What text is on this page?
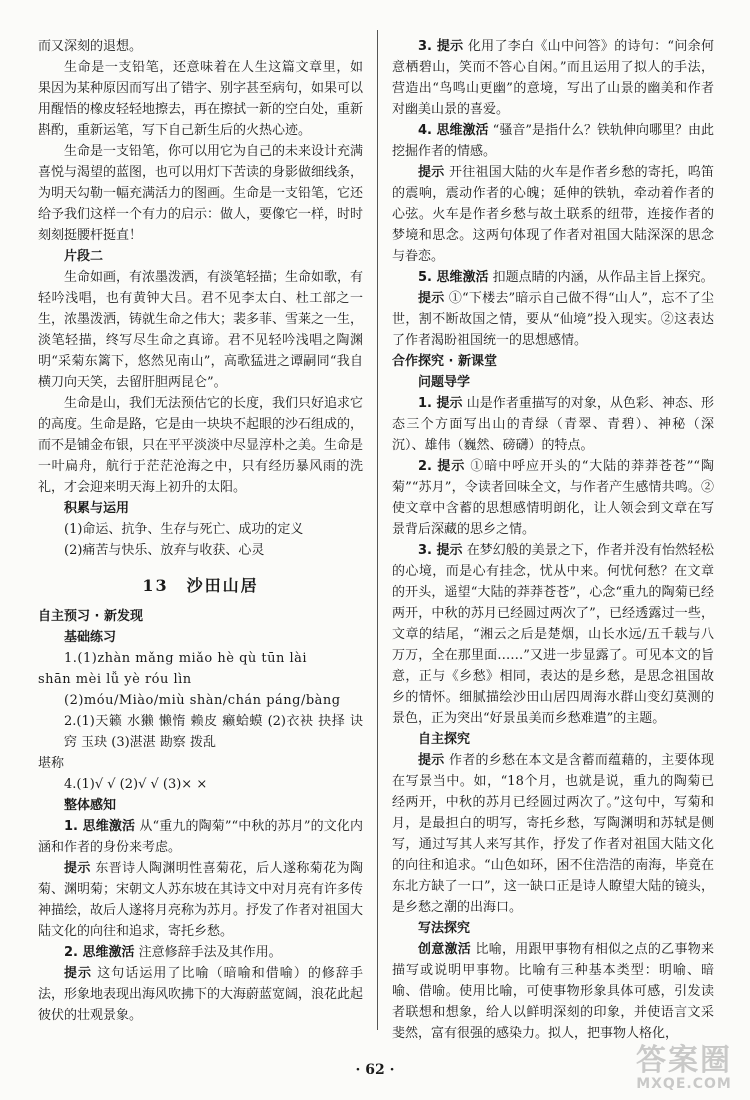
而又深刻的退想。

生命是一支铅笔，还意味着在人生这篇文章里，如果因为某种原因而写出了错字、别字甚至病句，如果可以用醒悟的橡皮轻轻地擦去，再在擦拭一新的空白处，重新斟酌，重新运笔，写下自己新生后的火热心迹。

生命是一支铅笔，你可以用它为自己的未来设计充满喜悦与渴望的蓝图，也可以用灯下苦读的身影做细线条，为明天勾勒一幅充满活力的图画。生命是一支铅笔，它还给予我们这样一个有力的启示：做人，要像它一样，时时刻刻挺腰杆挺直！

片段二

生命如画，有浓墨泼洒，有淡笔轻描；生命如歌，有轻吟浅唱，也有黄钟大吕。君不见李太白、杜工部之一生，浓墨泼洒，铸就生命之伟大；裴多菲、雪莱之一生，淡笔轻描，终写尽生命之真谛。君不见轻吟浅唱之陶渊明“采菊东篱下，悠然见南山”，高歌猛进之谭嗣同“我自横刀向天笑，去留肝胆两昆仑”。

生命是山，我们无法预估它的长度，我们只好追求它的高度。生命是路，它是由一块块不起眼的沙石组成的，而不是铺金布银，只在平平淡淡中尽显淳朴之美。生命是一叶扁舟，航行于茫茫沧海之中，只有经历暴风雨的洗礼，才会迎来明天海上初升的太阳。

积累与运用

(1)命运、抗争、生存与死亡、成功的定义

(2)痛苦与快乐、放弃与收获、心灵

13 沙田山居

自主预习 · 新发现

基础练习

1.(1)zhàn mǎng miǎo hè qù tūn lài

shān mèi lǚ yè róu lìn

(2)móu/Miào/miù shàn/chán páng/bàng

2.(1)天籁 水獭 懒惰 赖皮 癞蛤蟆 (2)衣袂 抉择 诀窍 玉玦 (3)湛湛 勘察 拨乱

堪称

4.(1)√ √ (2)√ √ (3)× ×

整体感知

1. 思维激活 从“重九的陶菊”“中秋的苏月”的文化内涵和作者的身份来考虑。

提示 东晋诗人陶渊明性喜菊花，后人遂称菊花为陶菊、渊明菊；宋朝文人苏东坡在其诗文中对月亮有许多传神描绘，故后人遂将月亮称为苏月。抒发了作者对祖国大陆文化的向往和追求，寄托乡愁。

2. 思维激活 注意修辞手法及其作用。

提示 这句话运用了比喻（暗喻和借喻）的修辞手法，形象地表现出海风吹拂下的大海蔚蓝宽阔，浪花此起彼伏的壮观景象。

3. 提示 化用了李白《山中问答》的诗句：“问余何意栖碧山，笑而不答心自闲。”而且运用了拟人的手法，营造出“鸟鸣山更幽”的意境，写出了山景的幽美和作者对幽美山景的喜爱。

4. 思维激活 “骚音”是指什么？铁轨伸向哪里？由此挖掘作者的情感。

提示 开往祖国大陆的火车是作者乡愁的寄托，呜笛的震响，震动作者的心魄；延伸的铁轨，牵动着作者的心弦。火车是作者乡愁与故土联系的纽带，连接作者的梦境和思念。这两句体现了作者对祖国大陆深深的思念与眷恋。

5. 思维激活 扣题点睛的内涵，从作品主旨上探究。

提示 ①“下楼去”暗示自己做不得“山人”，忘不了尘世，割不断故国之情，要从“仙境”投入现实。②这表达了作者渴盼祖国统一的思想感情。

合作探究 · 新课堂

问题导学

1. 提示 山是作者重描写的对象，从色彩、神态、形态三个方面写出山的青绿（青翠、青碧）、神秘（深沉）、雄伟（巍然、磅礴）的特点。

2. 提示 ①暗中呼应开头的“大陆的莽莽苍苍”“陶菊”“苏月”，令读者回味全文，与作者产生感情共鸣。②使文章中含蓄的思想感情明朗化，让人领会到文章在写景背后深藏的思乡之情。

3. 提示 在梦幻般的美景之下，作者并没有怡然轻松的心境，而是心有挂念，忧从中来。何忧何愁？在文章的开头，遥望“大陆的莽莽苍苍”，心念“重九的陶菊已经两开，中秋的苏月已经圆过两次了”，已经透露过一些，文章的结尾，“湘云之后是楚烟，山长水远/五千载与八万万，全在那里面……”又进一步显露了。可见本文的旨意，正与《乡愁》相同，表达的是乡愁，是思念祖国故乡的情怀。细腻描绘沙田山居四周海水群山变幻莫测的景色，正为突出“好景虽美而乡愁难遣”的主题。

自主探究

提示 作者的乡愁在本文是含蓄而蕴藉的，主要体现在写景当中。如，“18个月，也就是说，重九的陶菊已经两开，中秋的苏月已经圆过两次了。”这句中，写菊和月，是最担白的明写，寄托乡愁，写陶渊明和苏轼是侧写，通过写其人来写其作，抒发了作者对祖国大陆文化的向往和追求。“山色如环，困不住浩浩的南海，毕竟在东北方缺了一口”，这一缺口正是诗人瞭望大陆的镜头，是乡愁之潮的出海口。

写法探究

创意激活 比喻，用跟甲事物有相似之点的乙事物来描写或说明甲事物。比喻有三种基本类型：明喻、暗喻、借喻。使用比喻，可使事物形象具体可感，引发读者联想和想象，给人以鲜明深刻的印象，并使语言文采斐然，富有很强的感染力。拟人，把事物人格化，

· 62 ·	答案圈
MXQE.COM
